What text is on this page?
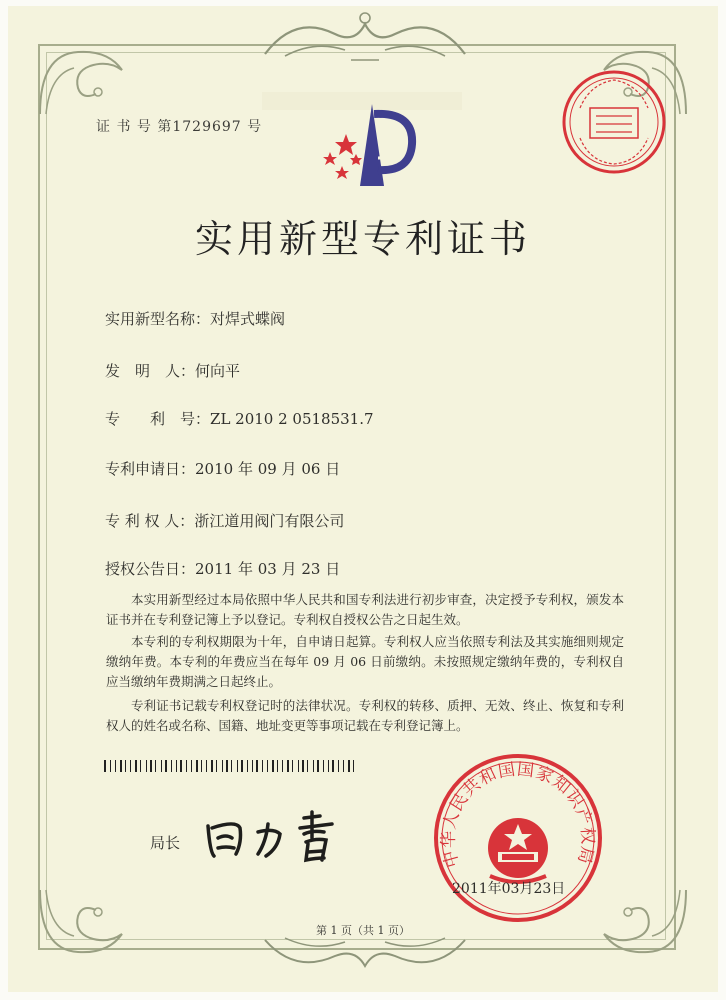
证 书 号 第1729697 号
实用新型专利证书
实用新型名称：对焊式蝶阀
发　明　人：何向平
专　　利　号：ZL 2010 2 0518531.7
专利申请日：2010 年 09 月 06 日
专 利 权 人：浙江道用阀门有限公司
授权公告日：2011 年 03 月 23 日

本实用新型经过本局依照中华人民共和国专利法进行初步审查，决定授予专利权，颁发本证书并在专利登记簿上予以登记。专利权自授权公告之日起生效。

本专利的专利权期限为十年，自申请日起算。专利权人应当依照专利法及其实施细则规定缴纳年费。本专利的年费应当在每年 09 月 06 日前缴纳。未按照规定缴纳年费的，专利权自应当缴纳年费期满之日起终止。

专利证书记载专利权登记时的法律状况。专利权的转移、质押、无效、终止、恢复和专利权人的姓名或名称、国籍、地址变更等事项记载在专利登记簿上。

局长
中华人民共和国国家知识产权局
2011年03月23日
第 1 页（共 1 页）
